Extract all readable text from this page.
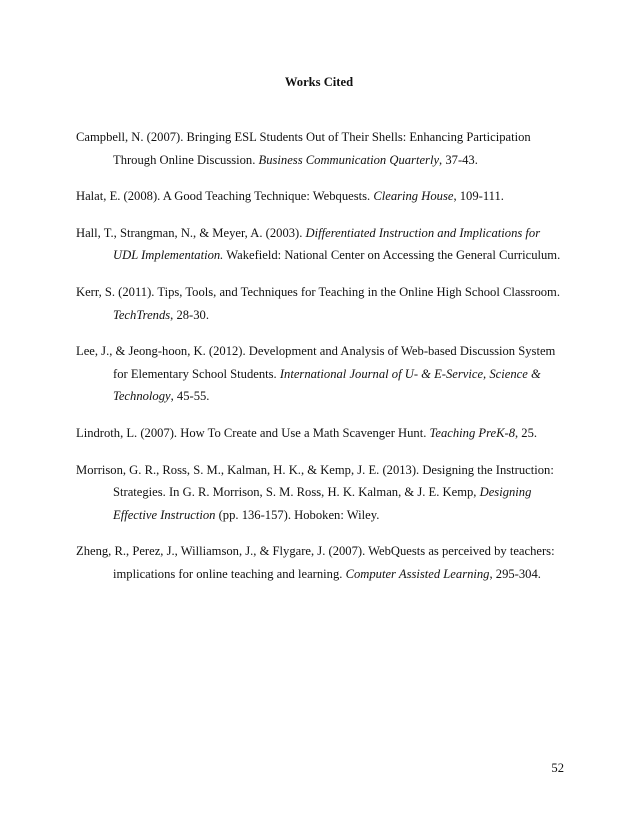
Works Cited
Campbell, N. (2007). Bringing ESL Students Out of Their Shells: Enhancing Participation
Through Online Discussion. Business Communication Quarterly, 37-43.
Halat, E. (2008). A Good Teaching Technique: Webquests. Clearing House, 109-111.
Hall, T., Strangman, N., & Meyer, A. (2003). Differentiated Instruction and Implications for
UDL Implementation. Wakefield: National Center on Accessing the General Curriculum.
Kerr, S. (2011). Tips, Tools, and Techniques for Teaching in the Online High School Classroom.
TechTrends, 28-30.
Lee, J., & Jeong-hoon, K. (2012). Development and Analysis of Web-based Discussion System
for Elementary School Students. International Journal of U- & E-Service, Science &
Technology, 45-55.
Lindroth, L. (2007). How To Create and Use a Math Scavenger Hunt. Teaching PreK-8, 25.
Morrison, G. R., Ross, S. M., Kalman, H. K., & Kemp, J. E. (2013). Designing the Instruction:
Strategies. In G. R. Morrison, S. M. Ross, H. K. Kalman, & J. E. Kemp, Designing
Effective Instruction (pp. 136-157). Hoboken: Wiley.
Zheng, R., Perez, J., Williamson, J., & Flygare, J. (2007). WebQuests as perceived by teachers:
implications for online teaching and learning. Computer Assisted Learning, 295-304.
52
